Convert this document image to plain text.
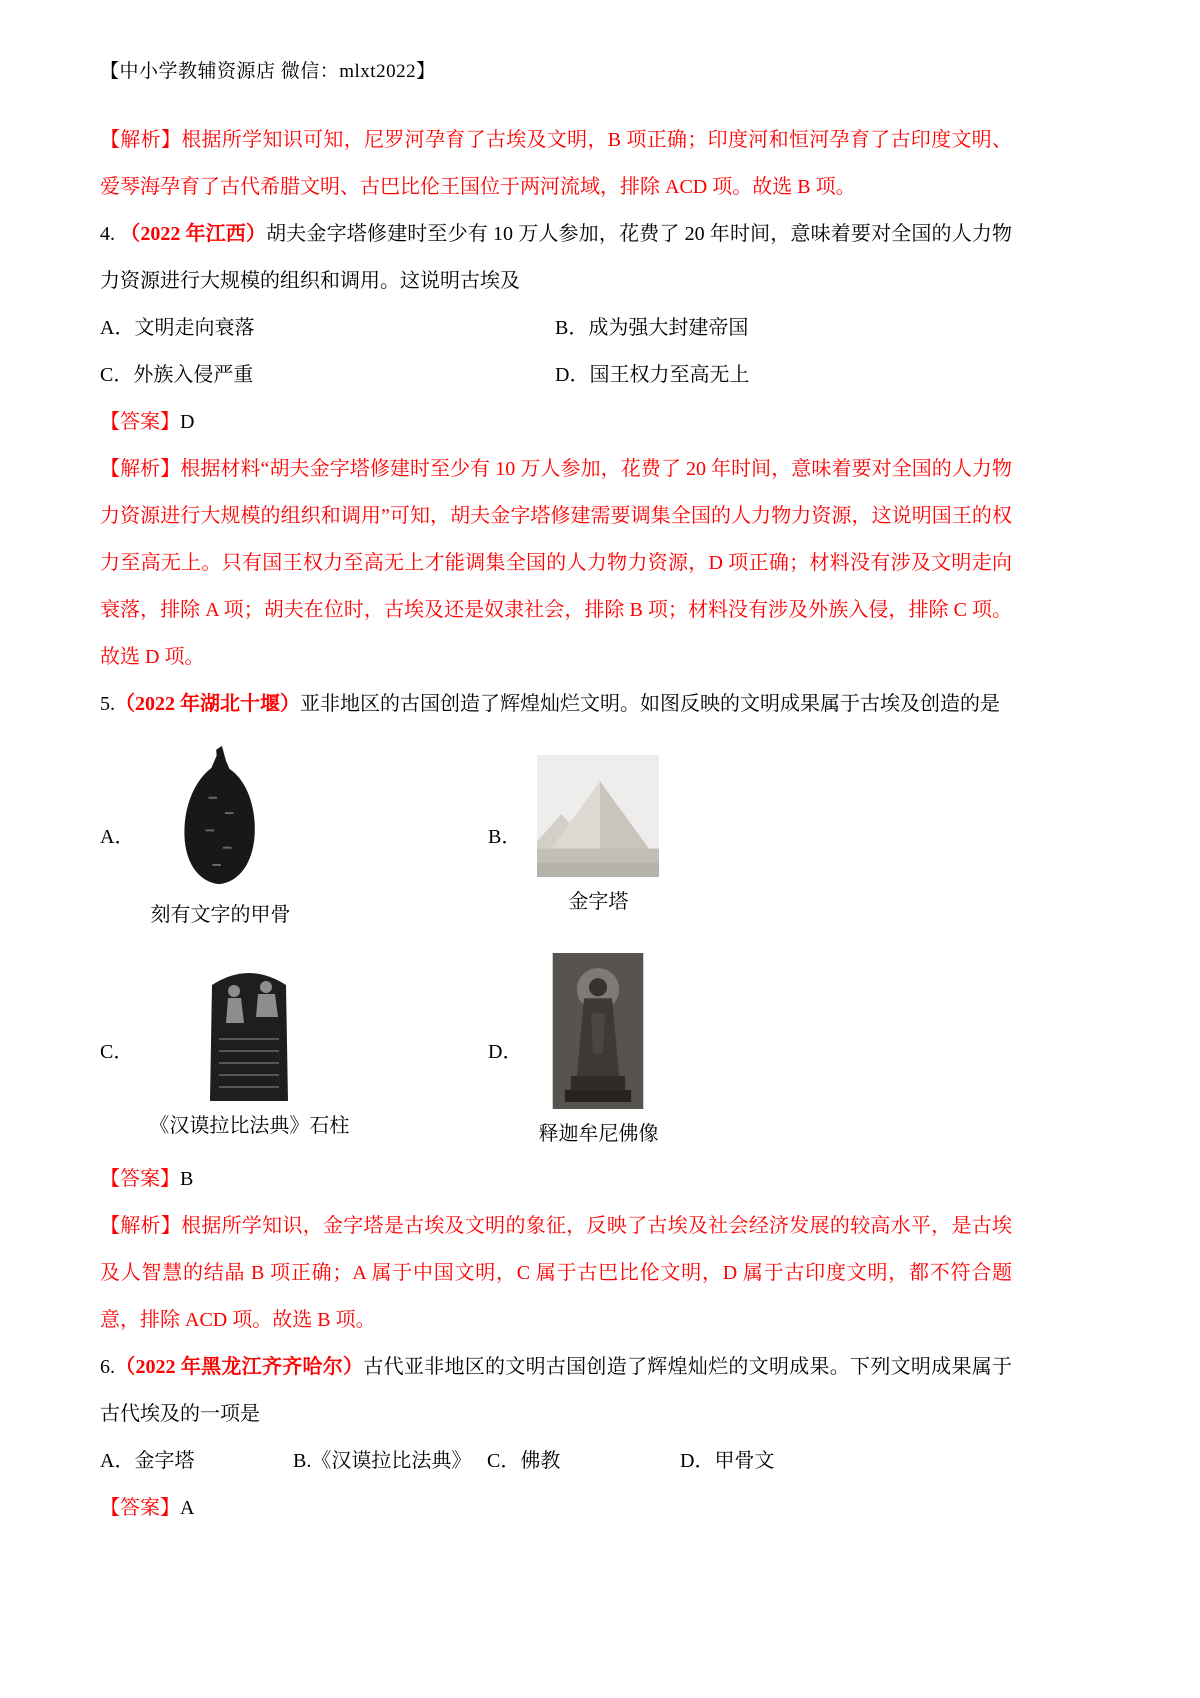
【中小学教辅资源店 微信：mlxt2022】

【解析】根据所学知识可知，尼罗河孕育了古埃及文明，B 项正确；印度河和恒河孕育了古印度文明、爱琴海孕育了古代希腊文明、古巴比伦王国位于两河流域，排除 ACD 项。故选 B 项。

4. （2022 年江西）胡夫金字塔修建时至少有 10 万人参加，花费了 20 年时间，意味着要对全国的人力物力资源进行大规模的组织和调用。这说明古埃及

A．文明走向衰落	B．成为强大封建帝国

C．外族入侵严重	D．国王权力至高无上

【答案】D

【解析】根据材料“胡夫金字塔修建时至少有 10 万人参加，花费了 20 年时间，意味着要对全国的人力物力资源进行大规模的组织和调用”可知，胡夫金字塔修建需要调集全国的人力物力资源，这说明国王的权力至高无上。只有国王权力至高无上才能调集全国的人力物力资源，D 项正确；材料没有涉及文明走向衰落，排除 A 项；胡夫在位时，古埃及还是奴隶社会，排除 B 项；材料没有涉及外族入侵，排除 C 项。故选 D 项。

5.（2022 年湖北十堰）亚非地区的古国创造了辉煌灿烂文明。如图反映的文明成果属于古埃及创造的是

A．
刻有文字的甲骨
B．
金字塔
C．
《汉谟拉比法典》石柱
D．
释迦牟尼佛像

【答案】B

【解析】根据所学知识，金字塔是古埃及文明的象征，反映了古埃及社会经济发展的较高水平，是古埃及人智慧的结晶 B 项正确；A 属于中国文明，C 属于古巴比伦文明，D 属于古印度文明，都不符合题意，排除 ACD 项。故选 B 项。

6.（2022 年黑龙江齐齐哈尔）古代亚非地区的文明古国创造了辉煌灿烂的文明成果。下列文明成果属于古代埃及的一项是

A．金字塔	B.《汉谟拉比法典》 C．佛教	D．甲骨文

【答案】A
